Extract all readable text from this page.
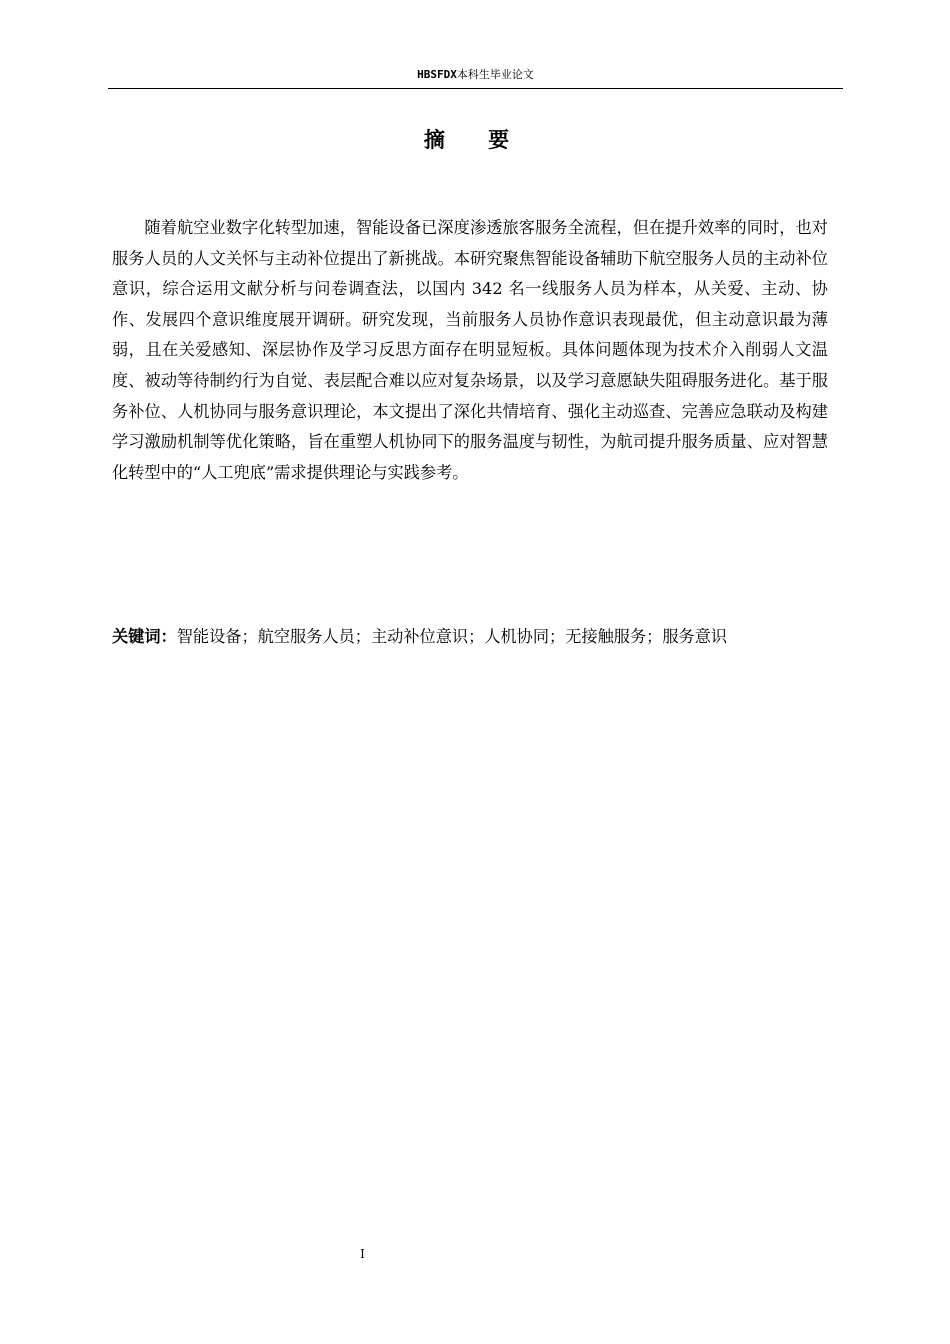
HBSFDX本科生毕业论文
摘 要

随着航空业数字化转型加速，智能设备已深度渗透旅客服务全流程，但在提升效率的同时，也对服务人员的人文关怀与主动补位提出了新挑战。本研究聚焦智能设备辅助下航空服务人员的主动补位意识，综合运用文献分析与问卷调查法，以国内 342 名一线服务人员为样本，从关爱、主动、协作、发展四个意识维度展开调研。研究发现，当前服务人员协作意识表现最优，但主动意识最为薄弱，且在关爱感知、深层协作及学习反思方面存在明显短板。具体问题体现为技术介入削弱人文温度、被动等待制约行为自觉、表层配合难以应对复杂场景，以及学习意愿缺失阻碍服务进化。基于服务补位、人机协同与服务意识理论，本文提出了深化共情培育、强化主动巡查、完善应急联动及构建学习激励机制等优化策略，旨在重塑人机协同下的服务温度与韧性，为航司提升服务质量、应对智慧化转型中的“人工兜底”需求提供理论与实践参考。

关键词：智能设备；航空服务人员；主动补位意识；人机协同；无接触服务；服务意识

I
